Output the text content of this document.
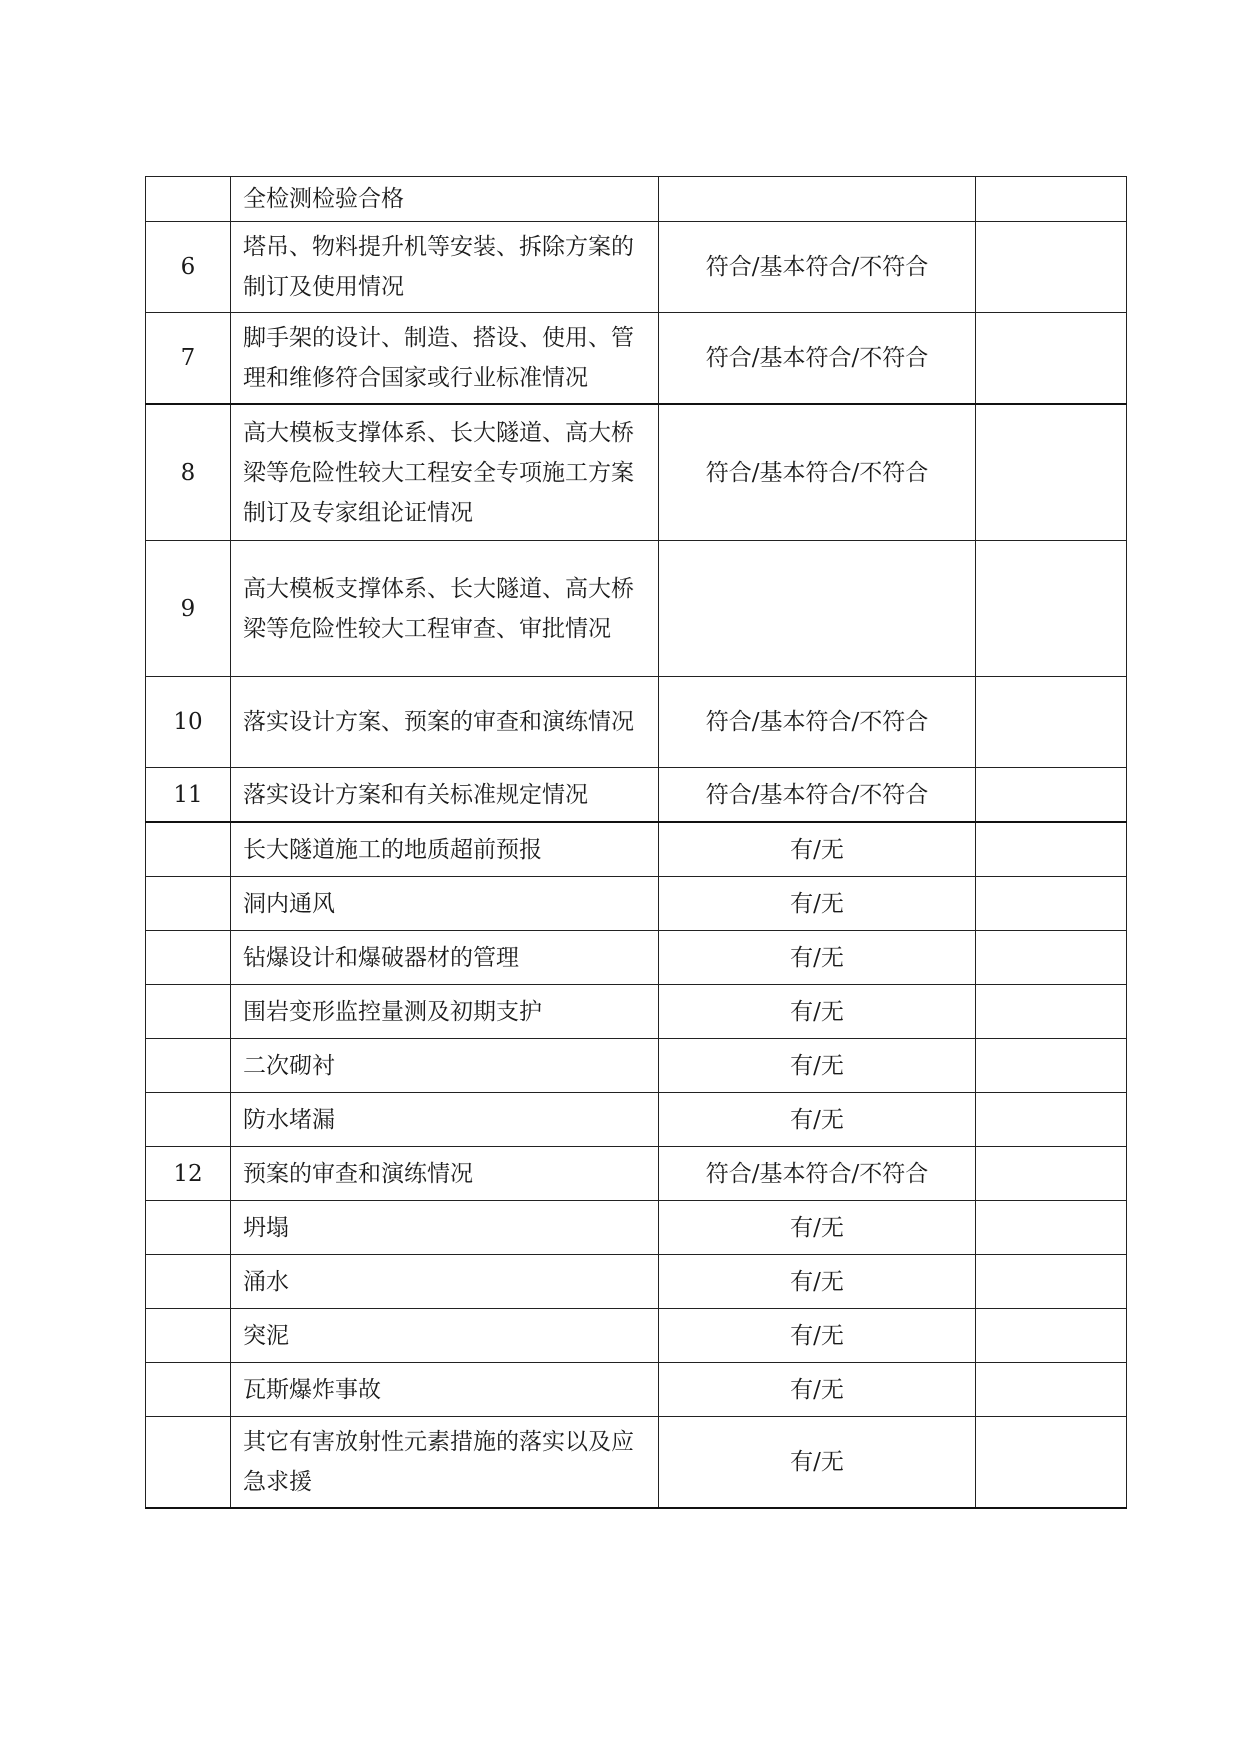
	全检测检验合格		
6	塔吊、物料提升机等安装、拆除方案的制订及使用情况	符合/基本符合/不符合	
7	脚手架的设计、制造、搭设、使用、管理和维修符合国家或行业标准情况	符合/基本符合/不符合	
8	高大模板支撑体系、长大隧道、高大桥梁等危险性较大工程安全专项施工方案制订及专家组论证情况	符合/基本符合/不符合	
9	高大模板支撑体系、长大隧道、高大桥梁等危险性较大工程审查、审批情况		
10	落实设计方案、预案的审查和演练情况	符合/基本符合/不符合	
11	落实设计方案和有关标准规定情况	符合/基本符合/不符合	
	长大隧道施工的地质超前预报	有/无	
	洞内通风	有/无	
	钻爆设计和爆破器材的管理	有/无	
	围岩变形监控量测及初期支护	有/无	
	二次砌衬	有/无	
	防水堵漏	有/无	
12	预案的审查和演练情况	符合/基本符合/不符合	
	坍塌	有/无	
	涌水	有/无	
	突泥	有/无	
	瓦斯爆炸事故	有/无	
	其它有害放射性元素措施的落实以及应急求援	有/无	
